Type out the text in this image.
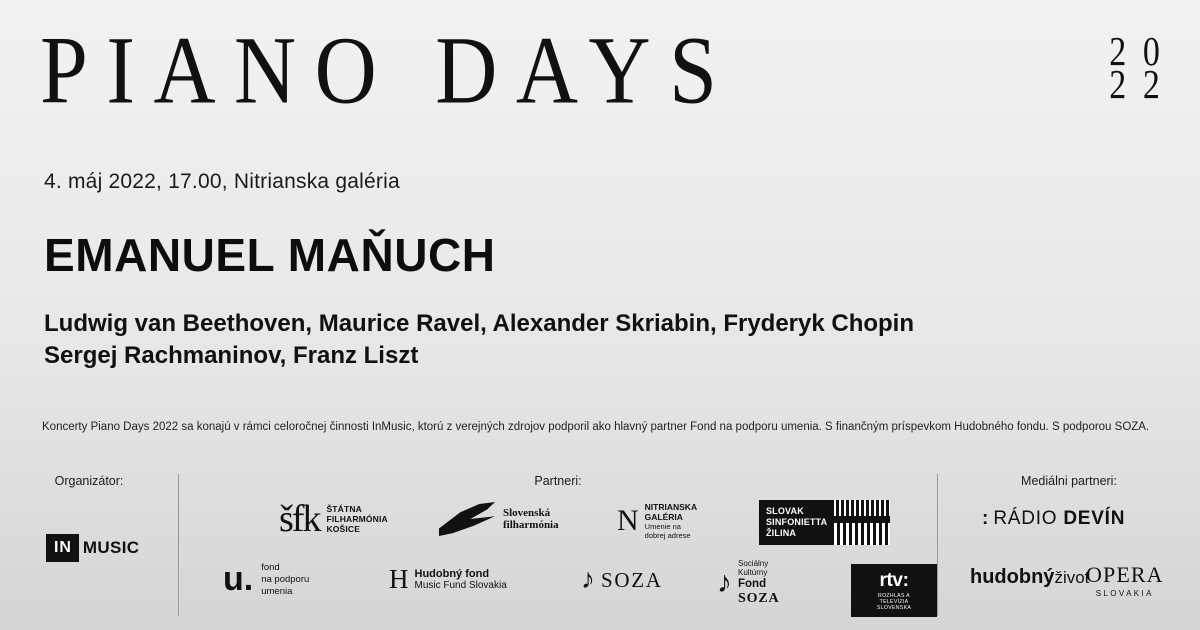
PIANO DAYS	2 0
2 2
4. máj 2022, 17.00, Nitrianska galéria
EMANUEL MAŇUCH
Ludwig van Beethoven, Maurice Ravel, Alexander Skriabin, Fryderyk Chopin
Sergej Rachmaninov, Franz Liszt
Koncerty Piano Days 2022 sa konajú v rámci celoročnej činnosti InMusic, ktorú z verejných zdrojov podporil ako hlavný partner Fond na podporu umenia. S finančným príspevkom Hudobného fondu. S podporou SOZA.
Organizátor:
IN MUSIC
Partneri:
šfk ŠTÁTNA
FILHARMÓNIA
KOŠICE
Slovenská
filharmónia N NITRIANSKA
GALÉRIA
Umenie na
dobrej adrese
SLOVAK
SINFONIETTA
ŽILINA
u. fond
na podporu
umenia	H Hudobný fond
Music Fund Slovakia	♪ SOZA ♪
Sociálny
Kultúrny
Fond
SOZA
rtv:
ROZHLAS A TELEVÍZIA SLOVENSKA
Mediálni partneri:
: RÁDIO DEVÍN
hudobnýživot
OPERA
SLOVAKIA
